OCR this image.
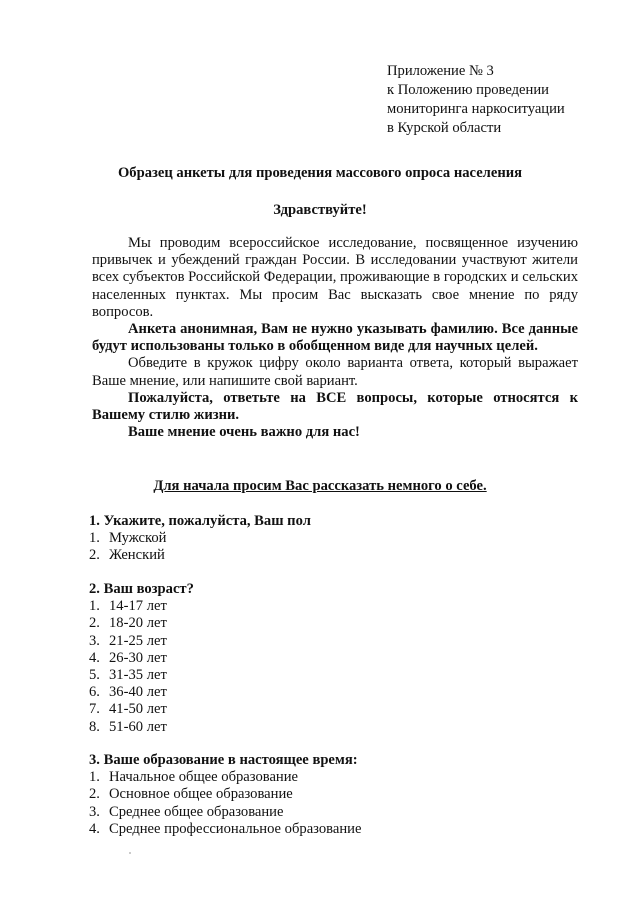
Приложение № 3
к Положению проведении
мониторинга наркоситуации
в Курской области
Образец анкеты для проведения массового опроса населения
Здравствуйте!

Мы проводим всероссийское исследование, посвященное изучению привычек и убеждений граждан России. В исследовании участвуют жители всех субъектов Российской Федерации, проживающие в городских и сельских населенных пунктах. Мы просим Вас высказать свое мнение по ряду вопросов.

Анкета анонимная, Вам не нужно указывать фамилию. Все данные будут использованы только в обобщенном виде для научных целей.

Обведите в кружок цифру около варианта ответа, который выражает Ваше мнение, или напишите свой вариант.

Пожалуйста, ответьте на ВСЕ вопросы, которые относятся к Вашему стилю жизни.

Ваше мнение очень важно для нас!

Для начала просим Вас рассказать немного о себе.
1. Укажите, пожалуйста, Ваш пол
1. Мужской
2. Женский
2. Ваш возраст?
1. 14-17 лет
2. 18-20 лет
3. 21-25 лет
4. 26-30 лет
5. 31-35 лет
6. 36-40 лет
7. 41-50 лет
8. 51-60 лет
3. Ваше образование в настоящее время:
1. Начальное общее образование
2. Основное общее образование
3. Среднее общее образование
4. Среднее профессиональное образование
